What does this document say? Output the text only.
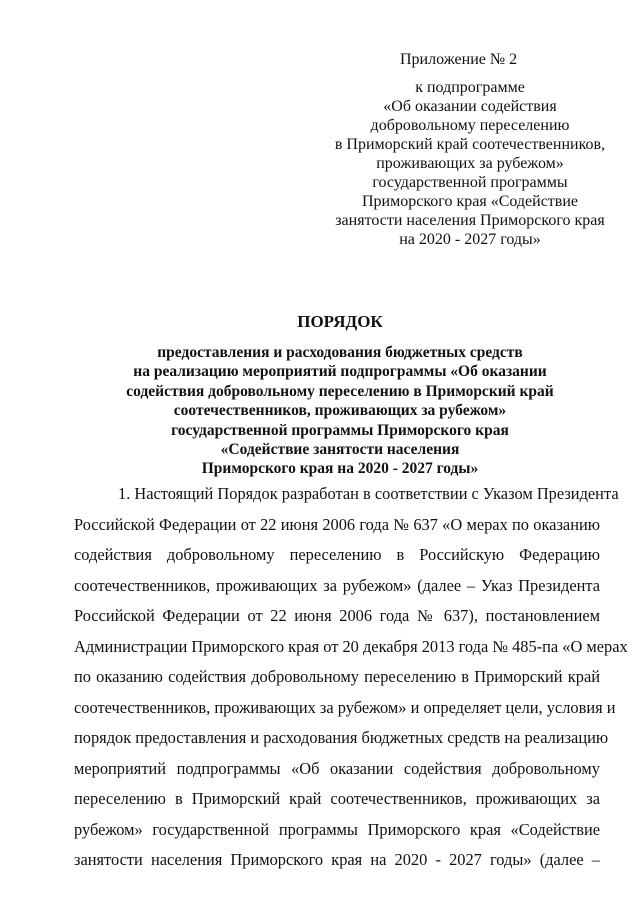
Приложение № 2
к подпрограмме
«Об оказании содействия
добровольному переселению
в Приморский край соотечественников,
проживающих за рубежом»
государственной программы
Приморского края «Содействие
занятости населения Приморского края
на 2020 - 2027 годы»
ПОРЯДОК
предоставления и расходования бюджетных средств
на реализацию мероприятий подпрограммы «Об оказании
содействия добровольному переселению в Приморский край
соотечественников, проживающих за рубежом»
государственной программы Приморского края
«Содействие занятости населения
Приморского края на 2020 - 2027 годы»
1. Настоящий Порядок разработан в соответствии с Указом Президента
Российской Федерации от 22 июня 2006 года № 637 «О мерах по оказанию
содействия добровольному переселению в Российскую Федерацию
соотечественников, проживающих за рубежом» (далее – Указ Президента
Российской Федерации от 22 июня 2006 года № 637), постановлением
Администрации Приморского края от 20 декабря 2013 года № 485-па «О мерах
по оказанию содействия добровольному переселению в Приморский край
соотечественников, проживающих за рубежом» и определяет цели, условия и
порядок предоставления и расходования бюджетных средств на реализацию
мероприятий подпрограммы «Об оказании содействия добровольному
переселению в Приморский край соотечественников, проживающих за
рубежом» государственной программы Приморского края «Содействие
занятости населения Приморского края на 2020 - 2027 годы» (далее –
